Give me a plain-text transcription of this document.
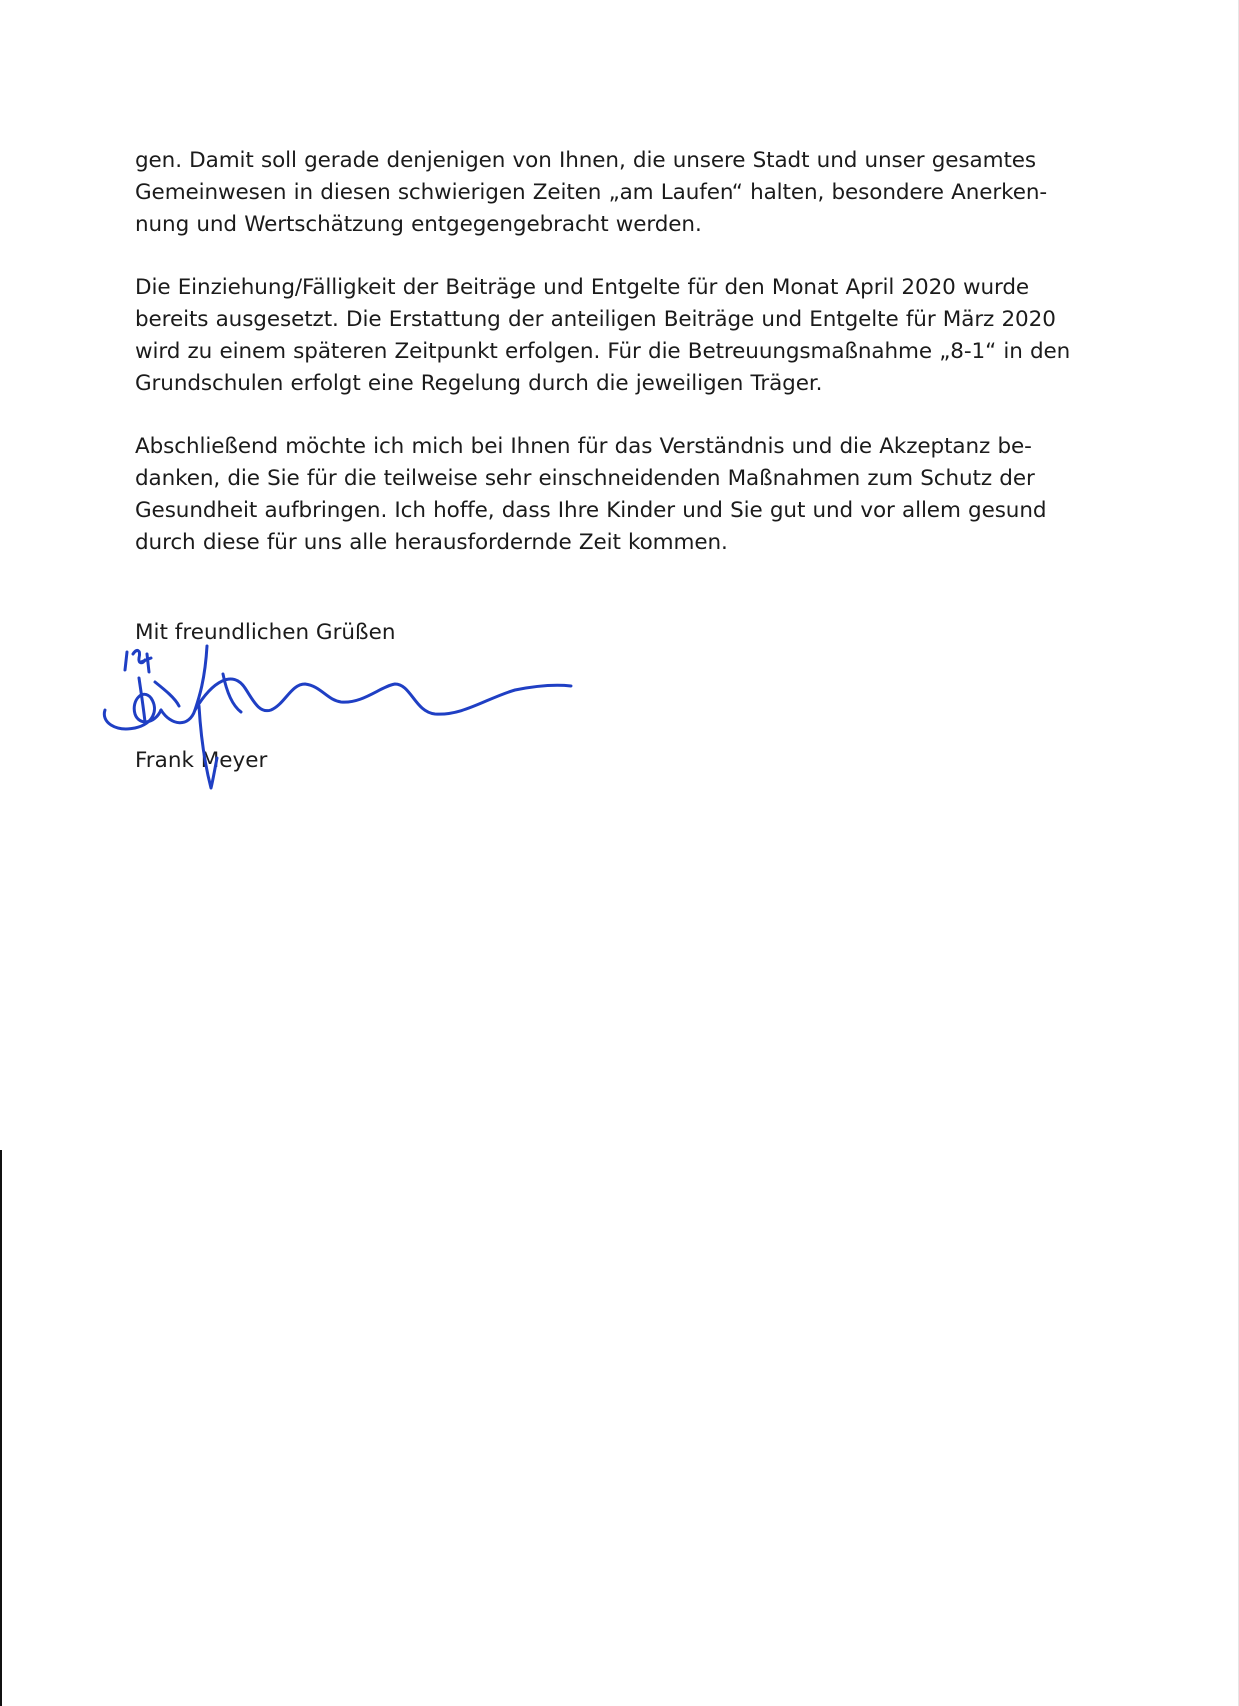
gen. Damit soll gerade denjenigen von Ihnen, die unsere Stadt und unser gesamtes
Gemeinwesen in diesen schwierigen Zeiten „am Laufen“ halten, besondere Anerken-
nung und Wertschätzung entgegengebracht werden.

Die Einziehung/Fälligkeit der Beiträge und Entgelte für den Monat April 2020 wurde
bereits ausgesetzt. Die Erstattung der anteiligen Beiträge und Entgelte für März 2020
wird zu einem späteren Zeitpunkt erfolgen. Für die Betreuungsmaßnahme „8-1“ in den
Grundschulen erfolgt eine Regelung durch die jeweiligen Träger.

Abschließend möchte ich mich bei Ihnen für das Verständnis und die Akzeptanz be-
danken, die Sie für die teilweise sehr einschneidenden Maßnahmen zum Schutz der
Gesundheit aufbringen. Ich hoffe, dass Ihre Kinder und Sie gut und vor allem gesund
durch diese für uns alle herausfordernde Zeit kommen.

Mit freundlichen Grüßen

Frank Meyer
